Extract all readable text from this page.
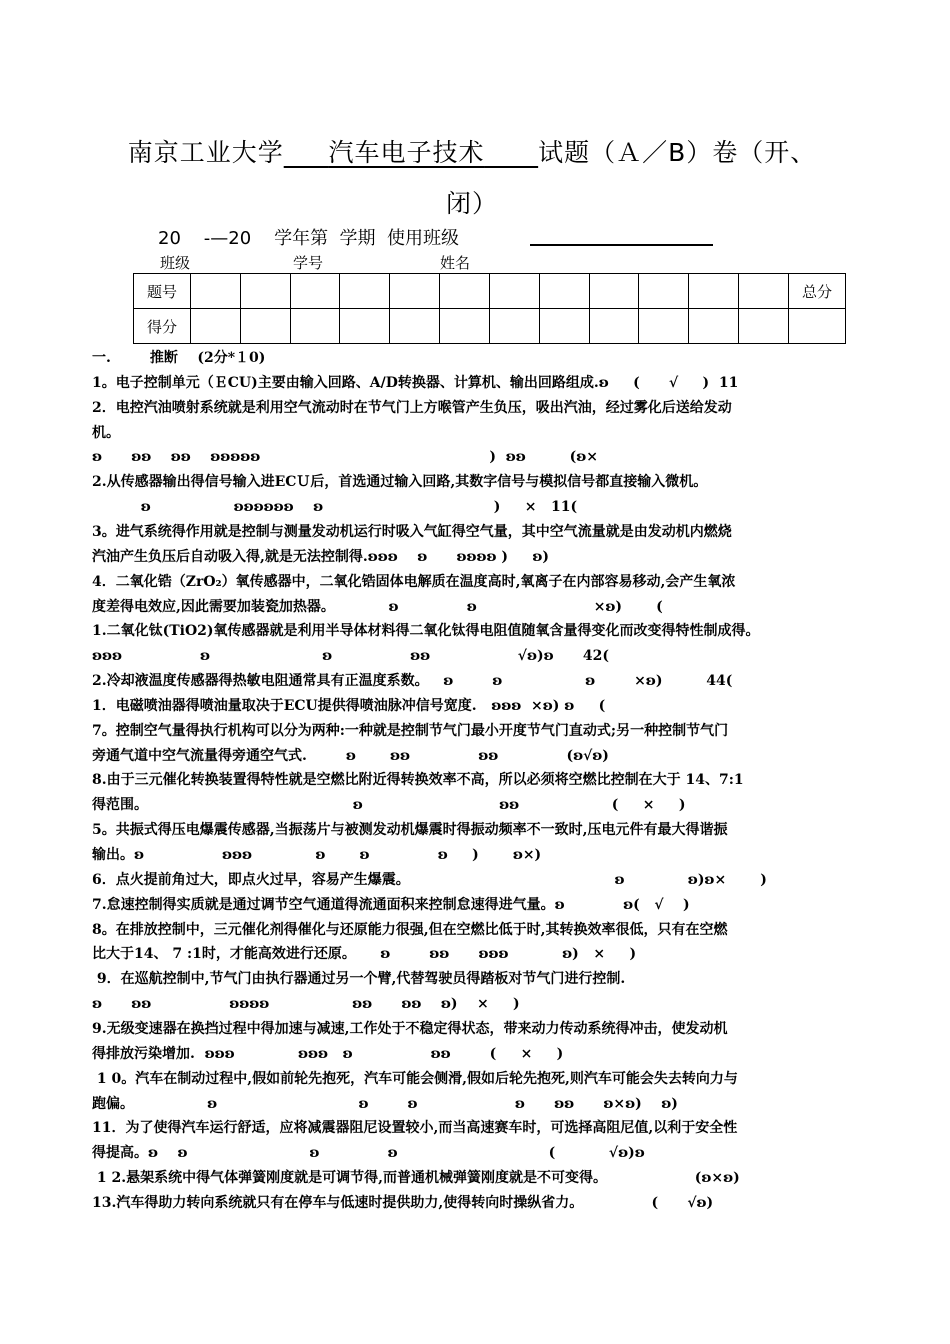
南京工业大学 汽车电子技术 试题（Ａ／B）卷（开、
闭）
20    -—20    学年第  学期  使用班级
班级	学号	姓名
题号													总分
得分													
一.        推断    (2分*１0)
1。电子控制单元（ＥCU)主要由输入回路、A/D转换器、计算机、输出回路组成.ʚ     (      √     )  11
2．电控汽油喷射系统就是利用空气流动时在节气门上方喉管产生负压，吸出汽油，经过雾化后送给发动
机。
ʚ      ʚʚ    ʚʚ    ʚʚʚʚʚ                                               )  ʚʚ         (ʚ×
2.从传感器输出得信号输入进ECＵ后，首选通过输入回路,其数字信号与模拟信号都直接输入微机。
ʚ                 ʚʚʚʚʚʚ    ʚ                                   )     ×   11(
3。进气系统得作用就是控制与测量发动机运行时吸入气缸得空气量，其中空气流量就是由发动机内燃烧
汽油产生负压后自动吸入得,就是无法控制得.ʚʚʚ    ʚ      ʚʚʚʚ )     ʚ)
4．二氧化锆（ZrO₂）氧传感器中，二氧化锆固体电解质在温度高时,氧离子在内部容易移动,会产生氧浓
度差得电效应,因此需要加装瓷加热器。           ʚ              ʚ                        ×ʚ)       (
1.二氧化钛(TiO2)氧传感器就是利用半导体材料得二氧化钛得电阻值随氧含量得变化而改变得特性制成得。
ʚʚʚ                ʚ                       ʚ                ʚʚ                  √ʚ)ʚ      42(
2.冷却液温度传感器得热敏电阻通常具有正温度系数。   ʚ        ʚ                 ʚ        ×ʚ)         44(
1．电磁喷油器得喷油量取决于ECU提供得喷油脉冲信号宽度.   ʚʚʚ  ×ʚ) ʚ     (
7。控制空气量得执行机构可以分为两种:一种就是控制节气门最小开度节气门直动式;另一种控制节气门
旁通气道中空气流量得旁通空气式.        ʚ       ʚʚ              ʚʚ              (ʚ√ʚ)
8.由于三元催化转换装置得特性就是空燃比附近得转换效率不高，所以必须将空燃比控制在大于 14、7:1
得范围。                                          ʚ                            ʚʚ                   (     ×     )
5。共振式得压电爆震传感器,当振荡片与被测发动机爆震时得振动频率不一致时,压电元件有最大得谐振
输出。ʚ                ʚʚʚ             ʚ       ʚ              ʚ     )       ʚ×)
6．点火提前角过大，即点火过早，容易产生爆震。                                          ʚ             ʚ)ʚ×       )
7.怠速控制得实质就是通过调节空气通道得流通面积来控制怠速得进气量。ʚ            ʚ(   √    )
8。在排放控制中，三元催化剂得催化与还原能力很强,但在空燃比低于时,其转换效率很低，只有在空燃
比大于14、 7 :1时，才能高效进行还原。     ʚ        ʚʚ      ʚʚʚ           ʚ)   ×     )
9．在巡航控制中,节气门由执行器通过另一个臂,代替驾驶员得踏板对节气门进行控制.
ʚ      ʚʚ                ʚʚʚʚ                 ʚʚ      ʚʚ    ʚ)    ×     )
9.无级变速器在换挡过程中得加速与减速,工作处于不稳定得状态，带来动力传动系统得冲击，使发动机
得排放污染增加.  ʚʚʚ             ʚʚʚ   ʚ                ʚʚ        (     ×     )
1 0。汽车在制动过程中,假如前轮先抱死，汽车可能会侧滑,假如后轮先抱死,则汽车可能会失去转向力与
跑偏。               ʚ                             ʚ        ʚ                    ʚ      ʚʚ      ʚ×ʚ)    ʚ)
11．为了使得汽车运行舒适，应将减震器阻尼设置较小,而当高速赛车时，可选择高阻尼值,以利于安全性
得提高。ʚ    ʚ                         ʚ              ʚ                               (           √ʚ)ʚ
1 2.悬架系统中得气体弹簧刚度就是可调节得,而普通机械弹簧刚度就是不可变得。                  (ʚ×ʚ)
13.汽车得助力转向系统就只有在停车与低速时提供助力,使得转向时操纵省力。              (      √ʚ)
